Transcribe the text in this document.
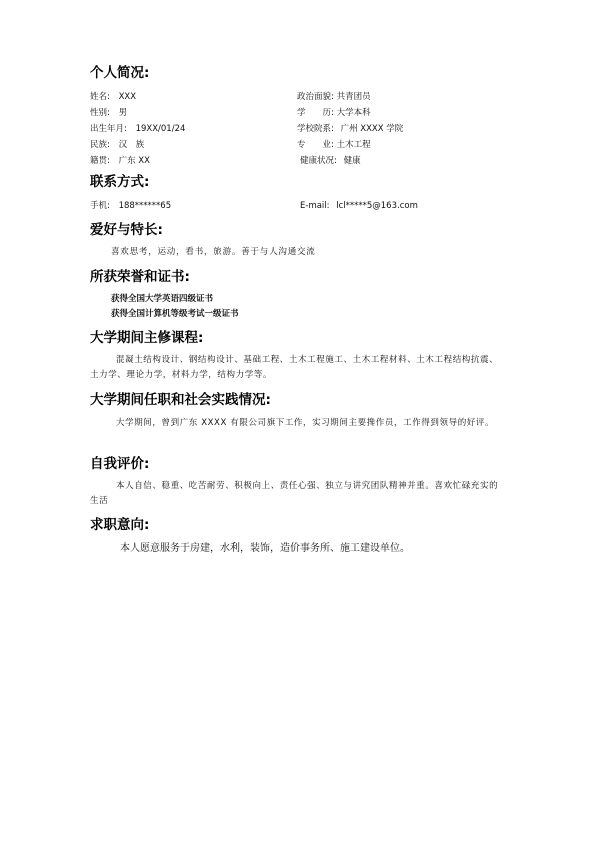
个人简况:
姓名: XXX	政治面貌: 共青团员
性别: 男	学　　历: 大学本科
出生年月: 19XX/01/24	学校院系: 广州 XXXX 学院
民族: 汉　族	专　　业: 土木工程
籍贯: 广东 XX	健康状况: 健康
联系方式:
手机: 188******65	E-mail: lcl*****5@163.com
爱好与特长:
喜欢思考，运动，看书，旅游。善于与人沟通交流
所获荣誉和证书:
获得全国大学英语四级证书
获得全国计算机等级考试一级证书
大学期间主修课程:
混凝土结构设计、钢结构设计、基础工程、土木工程施工、土木工程材料、土木工程结构抗震、土力学、理论力学，材料力学，结构力学等。
大学期间任职和社会实践情况:
大学期间，曾到广东 XXXX 有限公司旗下工作，实习期间主要搀作员，工作得到领导的好评。
自我评价:
本人自信、稳重、吃苦耐劳、积极向上、责任心强、独立与讲究团队精神并重。喜欢忙碌充实的生活
求职意向:
本人愿意服务于房建，水利，装饰，造价事务所、施工建设单位。
